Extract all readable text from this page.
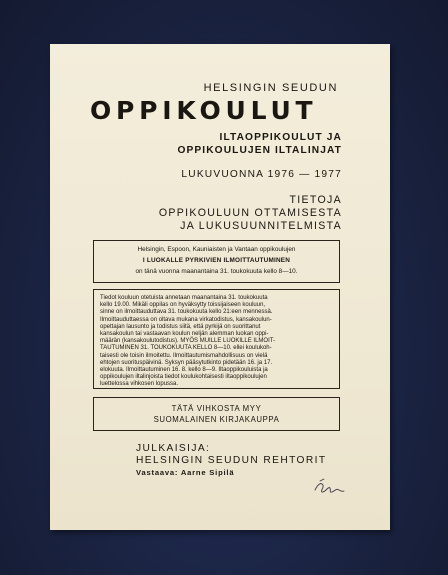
HELSINGIN SEUDUN
OPPIKOULUT
ILTAOPPIKOULUT JA
OPPIKOULUJEN ILTALINJAT
LUKUVUONNA 1976 — 1977
TIETOJA
OPPIKOULUUN OTTAMISESTA
JA LUKUSUUNNITELMISTA
Helsingin, Espoon, Kauniaisten ja Vantaan oppikoulujen
I LUOKALLE PYRKIVIEN ILMOITTAUTUMINEN
on tänä vuonna maanantaina 31. toukokuuta kello 8—10.
Tiedot kouluun otetuista annetaan maanantaina 31. toukokuuta
kello 19.00. Mikäli oppilas on hyväksytty toissijaiseen kouluun,
sinne on ilmoittauduttava 31. toukokuuta kello 21:een mennessä.
Ilmoittauduttaessa on oltava mukana virkatodistus, kansakoulun-
opettajan lausunto ja todistus siitä, että pyrkijä on suorittanut
kansakoulun tai vastaavan koulun neljän alemman luokan oppi-
määrän (kansakoulutodistus). MYÖS MUILLE LUOKILLE ILMOIT-
TAUTUMINEN 31. TOUKOKUUTA KELLO 8—10. ellei koulukoh-
taisesti ole toisin ilmoitettu. Ilmoittautumismahdollisuus on vielä
ehtojen suorituspäivinä. Syksyn pääsytutkinto pidetään 16. ja 17.
elokuuta. Ilmoittautuminen 16. 8. kello 8—9. Iltaoppikouluista ja
oppikoulujen iltalinjoista tiedot koulukohtaisesti iltaoppikoulujen
luettelossa vihkosen lopussa.
TÄTÄ VIHKOSTA MYY
SUOMALAINEN KIRJAKAUPPA
JULKAISIJA:
HELSINGIN SEUDUN REHTORIT
Vastaava: Aarne Sipilä
